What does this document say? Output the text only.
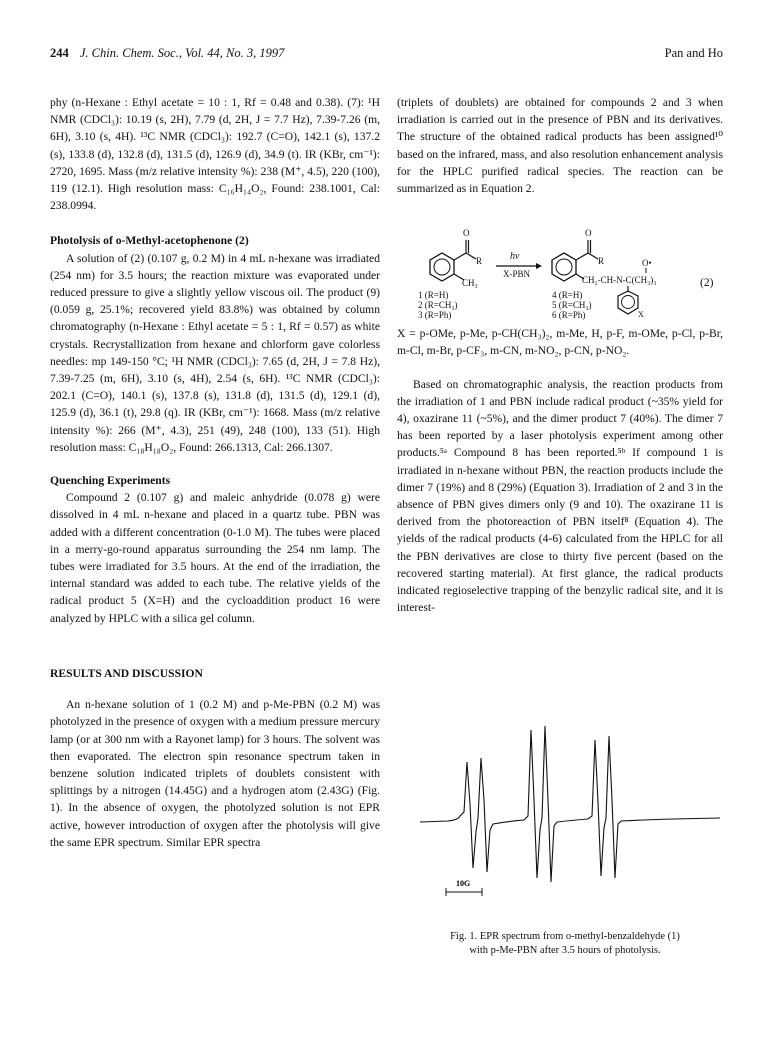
244 J. Chin. Chem. Soc., Vol. 44, No. 3, 1997	Pan and Ho

phy (n-Hexane : Ethyl acetate = 10 : 1, Rf = 0.48 and 0.38). (7): ¹H NMR (CDCl₃): 10.19 (s, 2H), 7.79 (d, 2H, J = 7.7 Hz), 7.39-7.26 (m, 6H), 3.10 (s, 4H). ¹³C NMR (CDCl₃): 192.7 (C=O), 142.1 (s), 137.2 (s), 133.8 (d), 132.8 (d), 131.5 (d), 126.9 (d), 34.9 (t). IR (KBr, cm⁻¹): 2720, 1695. Mass (m/z relative intensity %): 238 (M⁺, 4.5), 220 (100), 119 (12.1). High resolution mass: C₁₆H₁₄O₂, Found: 238.1001, Cal: 238.0994.

Photolysis of o-Methyl-acetophenone (2)

A solution of (2) (0.107 g, 0.2 M) in 4 mL n-hexane was irradiated (254 nm) for 3.5 hours; the reaction mixture was evaporated under reduced pressure to give a slightly yellow viscous oil. The product (9) (0.059 g, 25.1%; recovered yield 83.8%) was obtained by column chromatography (n-Hexane : Ethyl acetate = 5 : 1, Rf = 0.57) as white crystals. Recrystallization from hexane and chlorform gave colorless needles: mp 149-150 °C; ¹H NMR (CDCl₃): 7.65 (d, 2H, J = 7.8 Hz), 7.39-7.25 (m, 6H), 3.10 (s, 4H), 2.54 (s, 6H). ¹³C NMR (CDCl₃): 202.1 (C=O), 140.1 (s), 137.8 (s), 131.8 (d), 131.5 (d), 129.1 (d), 125.9 (d), 36.1 (t), 29.8 (q). IR (KBr, cm⁻¹): 1668. Mass (m/z relative intensity %): 266 (M⁺, 4.3), 251 (49), 248 (100), 133 (51). High resolution mass: C₁₈H₁₈O₂, Found: 266.1313, Cal: 266.1307.

Quenching Experiments

Compound 2 (0.107 g) and maleic anhydride (0.078 g) were dissolved in 4 mL n-hexane and placed in a quartz tube. PBN was added with a different concentration (0-1.0 M). The tubes were placed in a merry-go-round apparatus surrounding the 254 nm lamp. The tubes were irradiated for 3.5 hours. At the end of the irradiation, the internal standard was added to each tube. The relative yields of the radical product 5 (X=H) and the cycloaddition product 16 were analyzed by HPLC with a silica gel column.

RESULTS AND DISCUSSION

An n-hexane solution of 1 (0.2 M) and p-Me-PBN (0.2 M) was photolyzed in the presence of oxygen with a medium pressure mercury lamp (or at 300 nm with a Rayonet lamp) for 3 hours. The solvent was then evaporated. The electron spin resonance spectrum taken in benzene solution indicated triplets of doublets consistent with splittings by a nitrogen (14.45G) and a hydrogen atom (2.43G) (Fig. 1). In the absence of oxygen, the photolyzed solution is not EPR active, however introduction of oxygen after the photolysis will give the same EPR spectrum. Similar EPR spectra

(triplets of doublets) are obtained for compounds 2 and 3 when irradiation is carried out in the presence of PBN and its derivatives. The structure of the obtained radical products has been assigned¹⁰ based on the infrared, mass, and also resolution enhancement analysis for the HPLC purified radical species. The reaction can be summarized as in Equation 2.

X = p-OMe, p-Me, p-CH(CH₃)₂, m-Me, H, p-F, m-OMe, p-Cl, p-Br, m-Cl, m-Br, p-CF₃, m-CN, m-NO₂, p-CN, p-NO₂.

Based on chromatographic analysis, the reaction products from the irradiation of 1 and PBN include radical product (~35% yield for 4), oxazirane 11 (~5%), and the dimer product 7 (40%). The dimer 7 has been reported by a laser photolysis experiment among other products.⁵ᵃ Compound 8 has been reported.⁵ᵇ If compound 1 is irradiated in n-hexane without PBN, the reaction products include the dimer 7 (19%) and 8 (29%) (Equation 3). Irradiation of 2 and 3 in the absence of PBN gives dimers only (9 and 10). The oxazirane 11 is derived from the photoreaction of PBN itself⁸ (Equation 4). The yields of the radical products (4-6) calculated from the HPLC for all the PBN derivatives are close to thirty five percent (based on the recovered starting material). At first glance, the radical products indicated regioselective trapping of the benzylic radical site, and it is interest-

O
R
CH₃
hν
X-PBN
O
R	O•
CH₂-CH-N-C(CH₃)₃
X
1 (R=H)
2 (R=CH₃)
3 (R=Ph)
4 (R=H)
5 (R=CH₃)
6 (R=Ph)
(2)
10G
Fig. 1. EPR spectrum from o-methyl-benzaldehyde (1)
with p-Me-PBN after 3.5 hours of photolysis.
